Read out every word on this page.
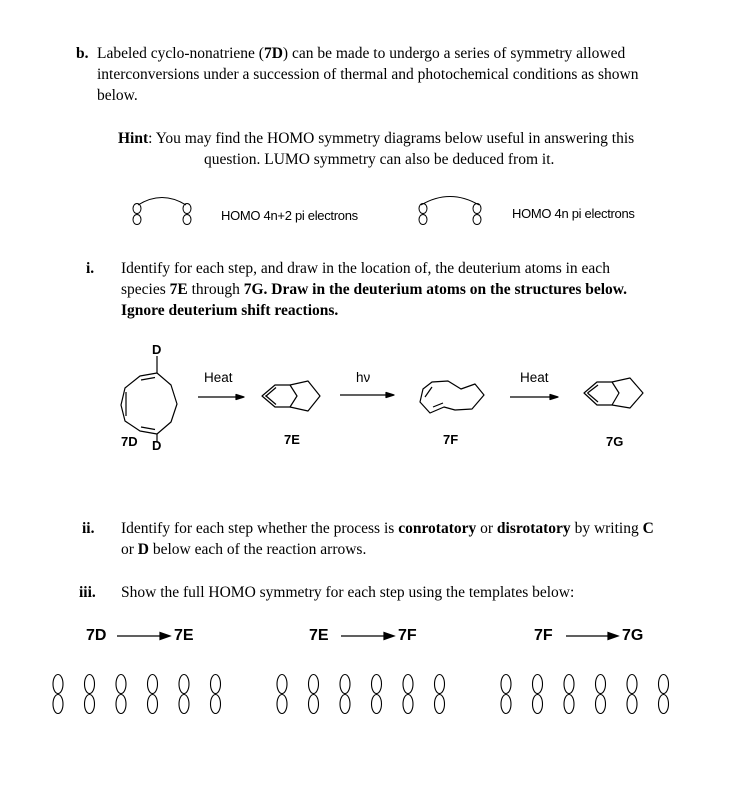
b. Labeled cyclo-nonatriene (7D) can be made to undergo a series of symmetry allowed
interconversions under a succession of thermal and photochemical conditions as shown
below.
Hint: You may find the HOMO symmetry diagrams below useful in answering this
question. LUMO symmetry can also be deduced from it.
HOMO 4n+2 pi electrons	HOMO 4n pi electrons
i. Identify for each step, and draw in the location of, the deuterium atoms in each
species 7E through 7G. Draw in the deuterium atoms on the structures below.
Ignore deuterium shift reactions.
D
D
7D	7E	7F	7G
Heat	hν	Heat
ii. Identify for each step whether the process is conrotatory or disrotatory by writing C
or D below each of the reaction arrows.
iii. Show the full HOMO symmetry for each step using the templates below:
7D	7E	7E	7F	7F	7G
